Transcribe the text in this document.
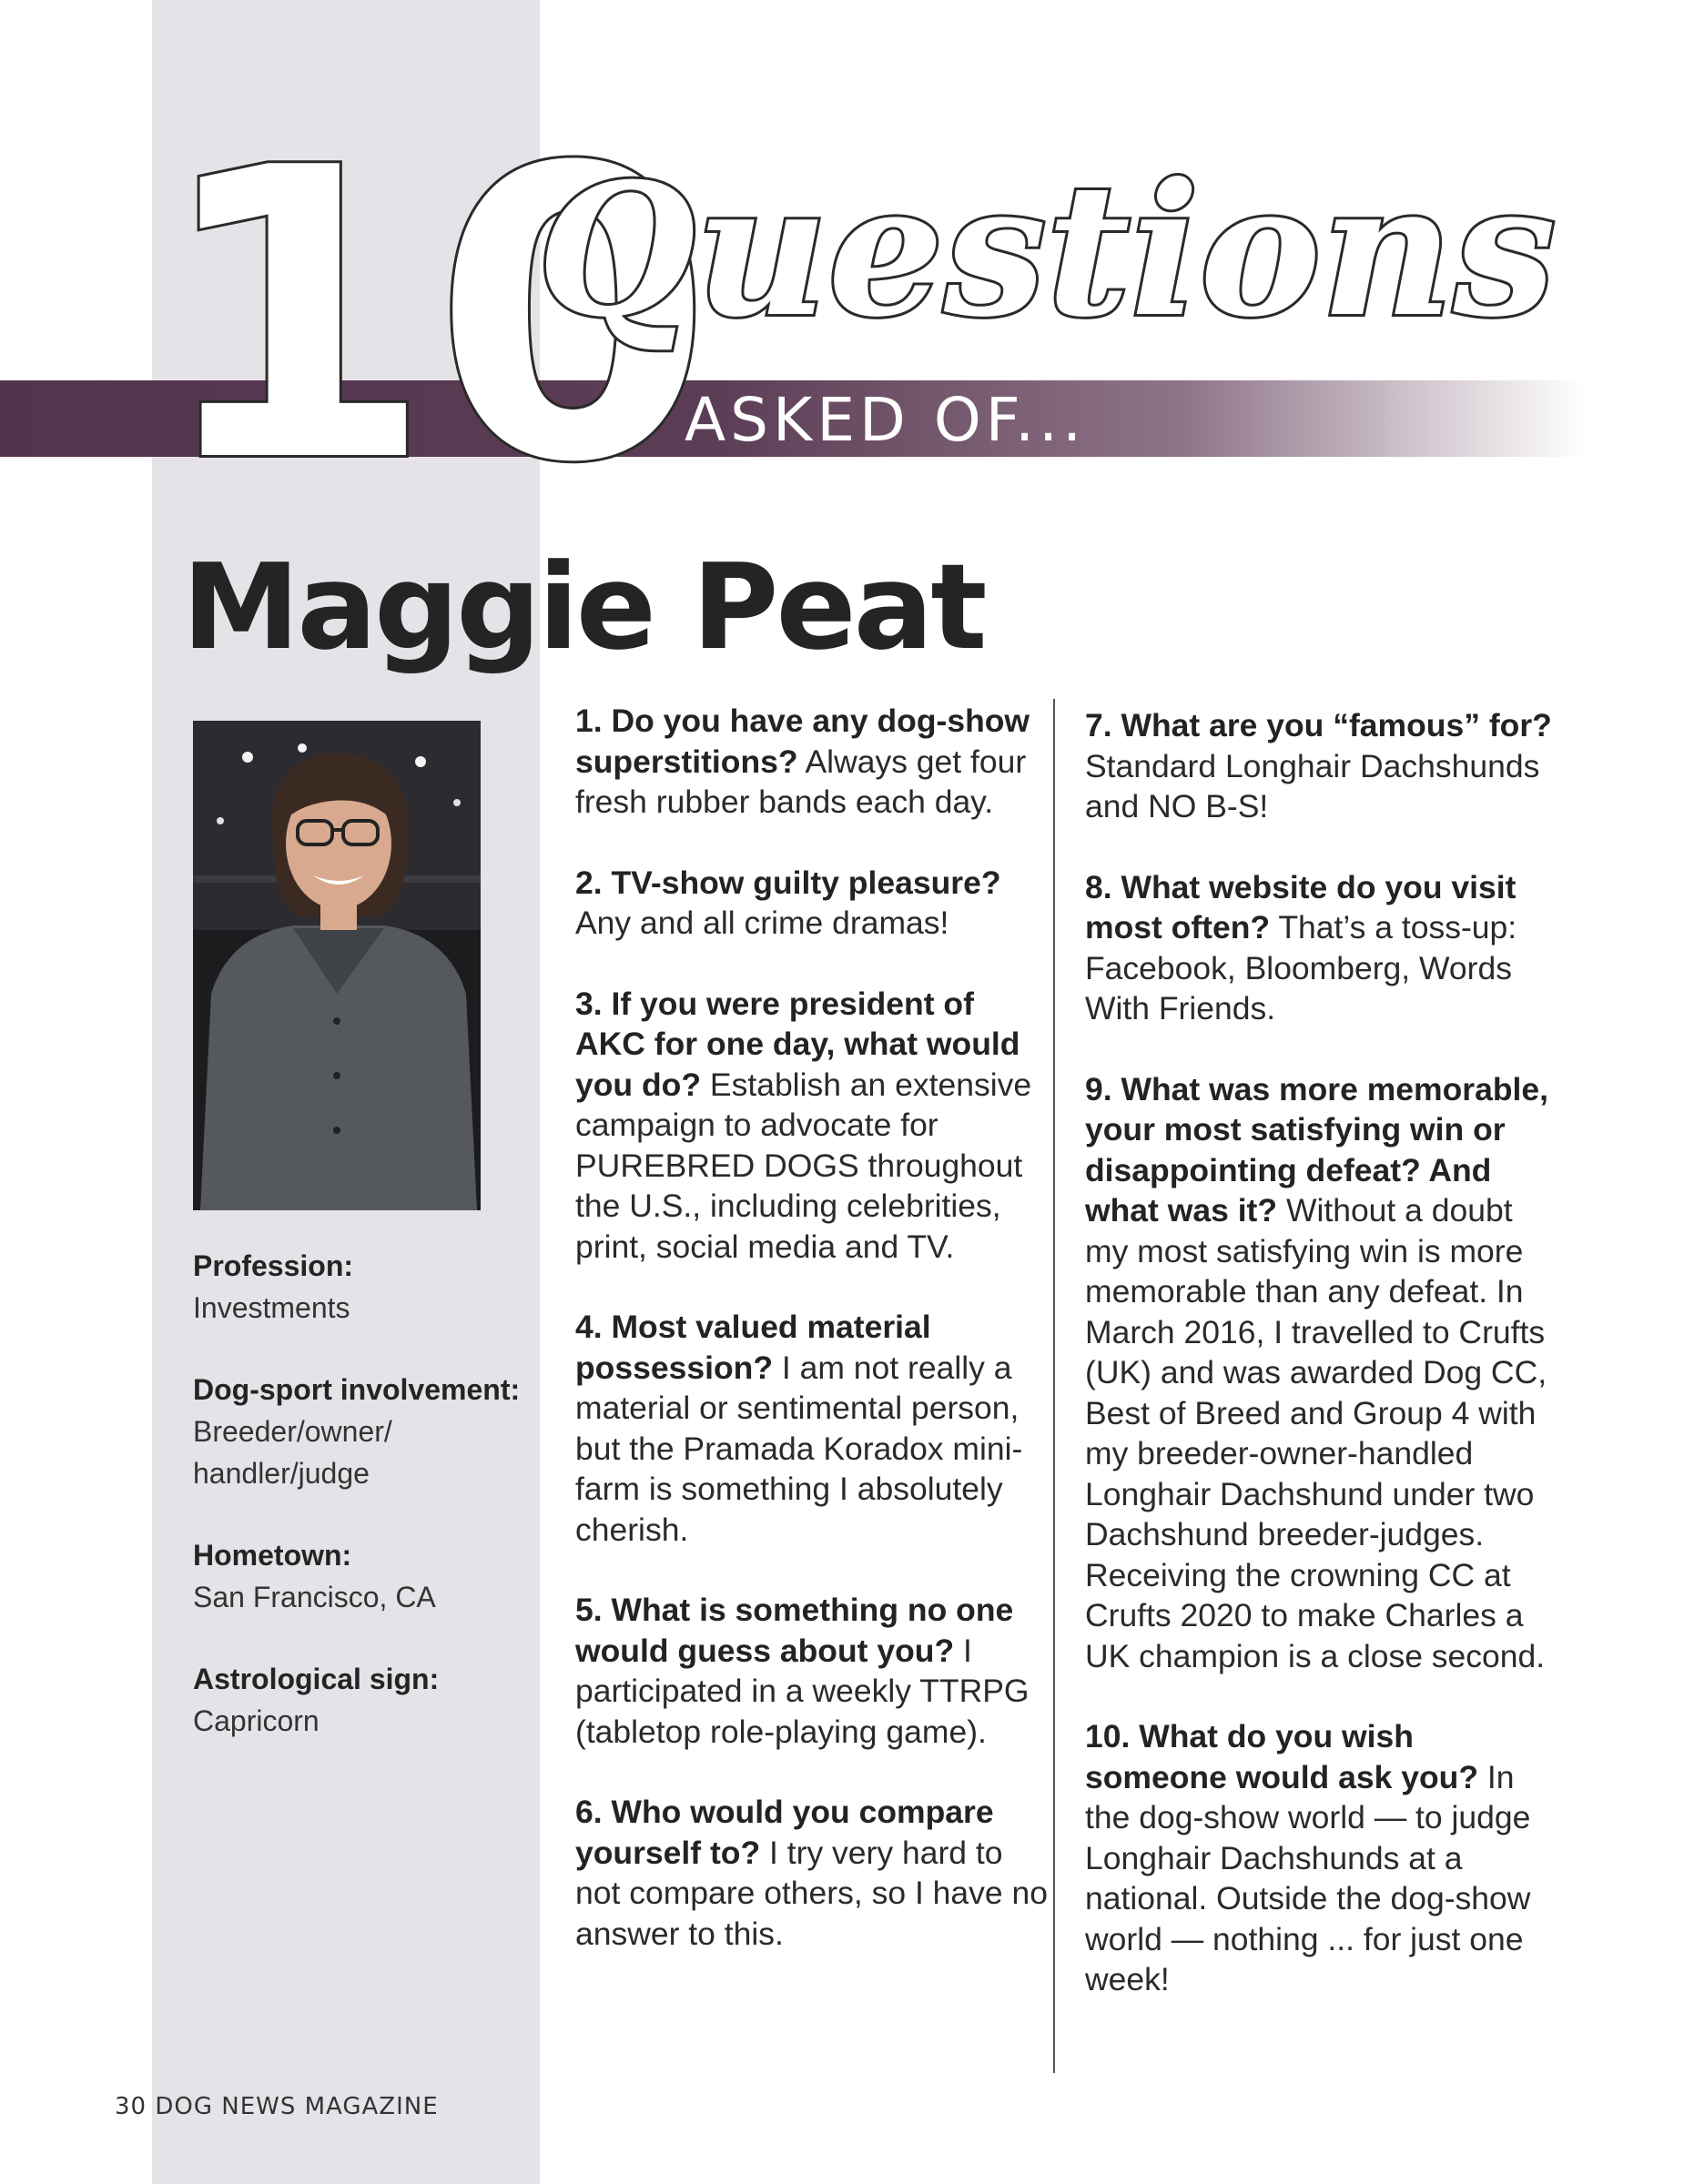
ASKED OF...
10
Questions
Maggie Peat
Profession:
Investments
Dog-sport involvement:
Breeder/owner/ handler/judge
Hometown:
San Francisco, CA
Astrological sign:
Capricorn

1. Do you have any dog-show superstitions? Always get four fresh rubber bands each day.

2. TV-show guilty pleasure? Any and all crime dramas!

3. If you were president of AKC for one day, what would you do? Establish an extensive campaign to advocate for PUREBRED DOGS throughout the U.S., including celebrities, print, social media and TV.

4. Most valued material possession? I am not really a material or sentimental person, but the Pramada Koradox mini-farm is something I absolutely cherish.

5. What is something no one would guess about you? I participated in a weekly TTRPG (tabletop role-playing game).

6. Who would you compare yourself to? I try very hard to not compare others, so I have no answer to this.

7. What are you “famous” for? Standard Longhair Dachshunds and NO B-S!

8. What website do you visit most often? That’s a toss-up: Facebook, Bloomberg, Words With Friends.

9. What was more memorable, your most satisfying win or disappointing defeat? And what was it? Without a doubt my most satisfying win is more memorable than any defeat. In March 2016, I travelled to Crufts (UK) and was awarded Dog CC, Best of Breed and Group 4 with my breeder-owner-handled Longhair Dachshund under two Dachshund breeder-judges. Receiving the crowning CC at Crufts 2020 to make Charles a UK champion is a close second.

10. What do you wish someone would ask you? In the dog-show world — to judge Longhair Dachshunds at a national. Outside the dog-show world — nothing ... for just one week!

30 DOG NEWS MAGAZINE
